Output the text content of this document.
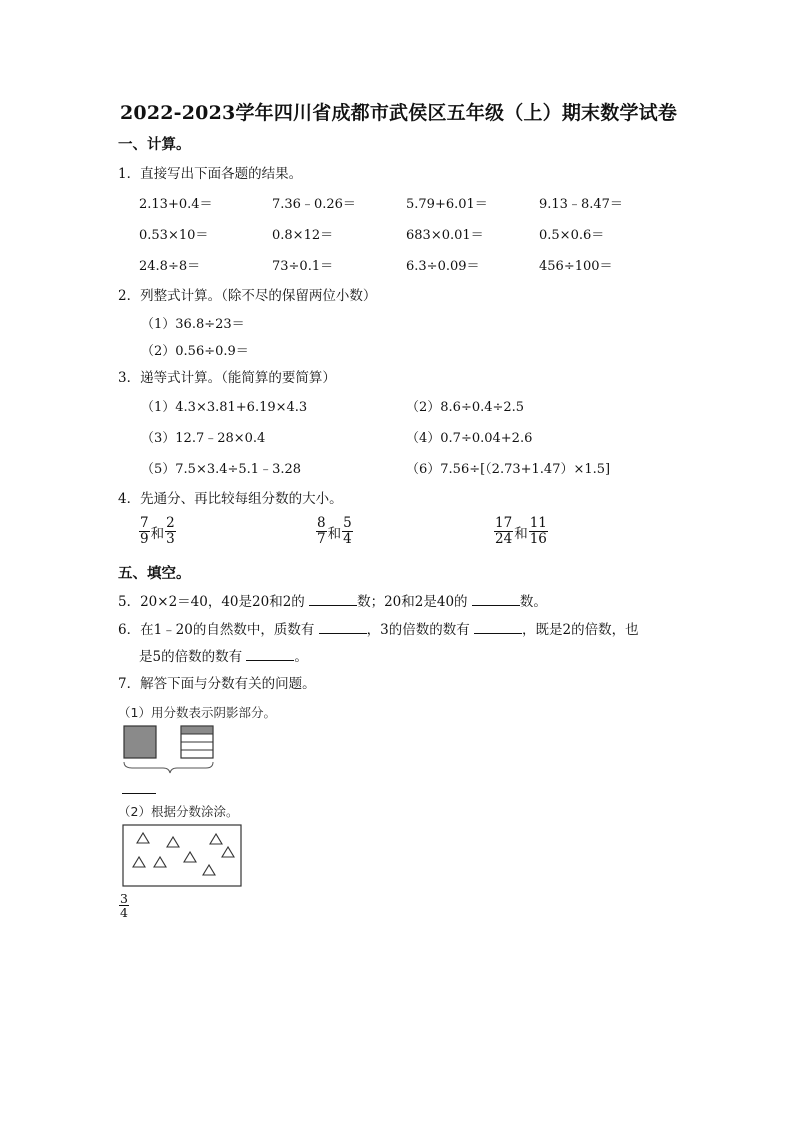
2022-2023学年四川省成都市武侯区五年级（上）期末数学试卷
一、计算。
1．直接写出下面各题的结果。
2.13+0.4＝	7.36﹣0.26＝	5.79+6.01＝	9.13﹣8.47＝
0.53×10＝	0.8×12＝	683×0.01＝	0.5×0.6＝
24.8÷8＝	73÷0.1＝	6.3÷0.09＝	456÷100＝
2．列整式计算。（除不尽的保留两位小数）
（1）36.8÷23＝
（2）0.56÷0.9＝
3．递等式计算。（能简算的要简算）
（1）4.3×3.81+6.19×4.3	（2）8.6÷0.4÷2.5
（3）12.7﹣28×0.4	（4）0.7÷0.04+2.6
（5）7.5×3.4÷5.1﹣3.28	（6）7.56÷[（2.73+1.47）×1.5]
4．先通分、再比较每组分数的大小。
$\frac{7}{9}$ 和 $\frac{2}{3}$	$\frac{8}{7}$ 和 $\frac{5}{4}$	$\frac{17}{24}$ 和 $\frac{11}{16}$
五、填空。
5．20×2＝40，40是20和2的	数；20和2是40的	数。
6．在1﹣20的自然数中，质数有	，3的倍数的数有	，既是2的倍数，也
是5的倍数的数有	。
7．解答下面与分数有关的问题。
（1）用分数表示阴影部分。
（2）根据分数涂涂。
$\frac{3}{4}$
